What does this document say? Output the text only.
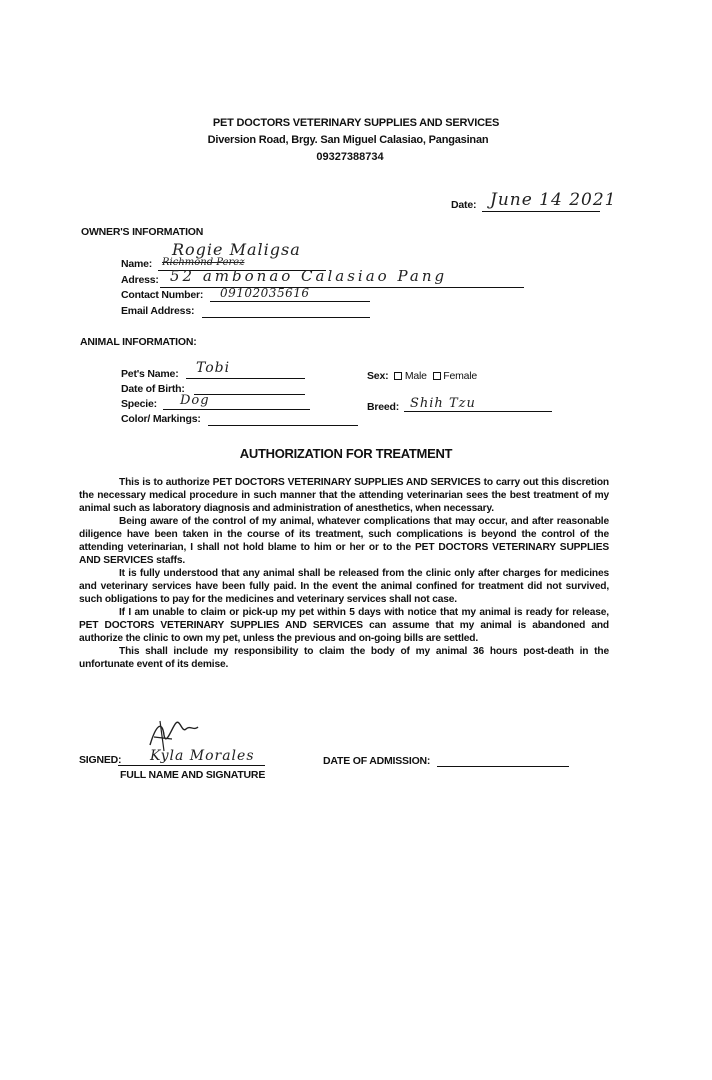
PET DOCTORS VETERINARY SUPPLIES AND SERVICES
Diversion Road, Brgy. San Miguel Calasiao, Pangasinan
09327388734
Date: June 14 2021
OWNER'S INFORMATION
Name: Richmond Perez
Rogie Maligsa
Adress: 52 ambonao Calasiao Pang
Contact Number: 09102035616
Email Address:
ANIMAL INFORMATION:
Pet's Name: Tobi
Date of Birth:
Specie: Dog
Color/ Markings:
Sex: Male Female
Breed: Shih Tzu
AUTHORIZATION FOR TREATMENT

This is to authorize PET DOCTORS VETERINARY SUPPLIES AND SERVICES to carry out this discretion the necessary medical procedure in such manner that the attending veterinarian sees the best treatment of my animal such as laboratory diagnosis and administration of anesthetics, when necessary.

Being aware of the control of my animal, whatever complications that may occur, and after reasonable diligence have been taken in the course of its treatment, such complications is beyond the control of the attending veterinarian, I shall not hold blame to him or her or to the PET DOCTORS VETERINARY SUPPLIES AND SERVICES staffs.

It is fully understood that any animal shall be released from the clinic only after charges for medicines and veterinary services have been fully paid. In the event the animal confined for treatment did not survived, such obligations to pay for the medicines and veterinary services shall not case.

If I am unable to claim or pick-up my pet within 5 days with notice that my animal is ready for release, PET DOCTORS VETERINARY SUPPLIES AND SERVICES can assume that my animal is abandoned and authorize the clinic to own my pet, unless the previous and on-going bills are settled.

This shall include my responsibility to claim the body of my animal 36 hours post-death in the unfortunate event of its demise.

SIGNED: Kyla Morales
FULL NAME AND SIGNATURE
DATE OF ADMISSION:
